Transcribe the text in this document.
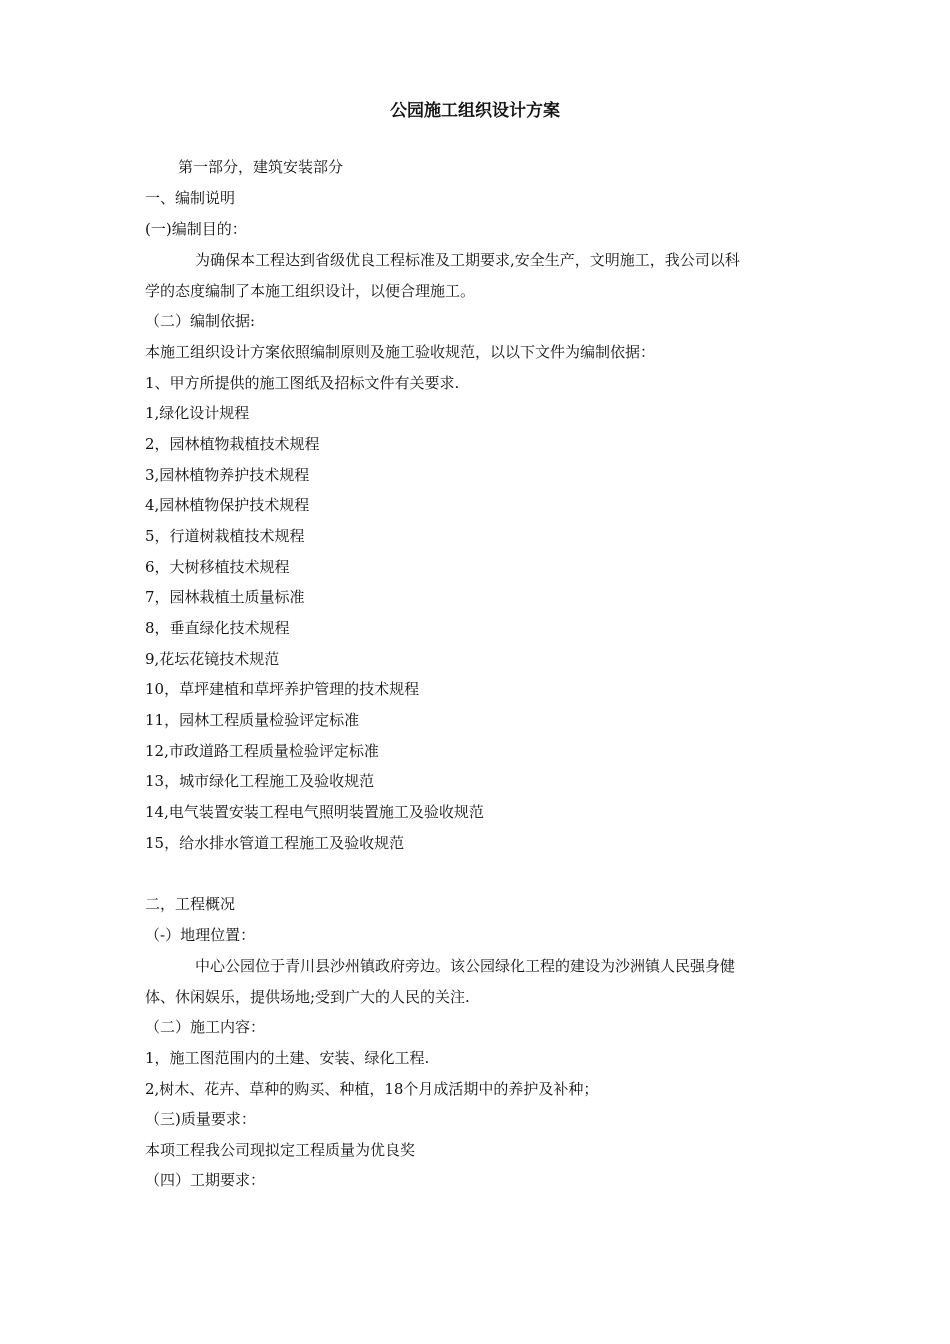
公园施工组织设计方案

第一部分，建筑安装部分

一、编制说明

(一)编制目的：

为确保本工程达到省级优良工程标准及工期要求,安全生产，文明施工，我公司以科

学的态度编制了本施工组织设计，以便合理施工。

（二）编制依据:

本施工组织设计方案依照编制原则及施工验收规范，以以下文件为编制依据：

1、甲方所提供的施工图纸及招标文件有关要求.

1,绿化设计规程

2，园林植物栽植技术规程

3,园林植物养护技术规程

4,园林植物保护技术规程

5，行道树栽植技术规程

6，大树移植技术规程

7，园林栽植土质量标准

8，垂直绿化技术规程

9,花坛花镜技术规范

10，草坪建植和草坪养护管理的技术规程

11，园林工程质量检验评定标准

12,市政道路工程质量检验评定标准

13，城市绿化工程施工及验收规范

14,电气装置安装工程电气照明装置施工及验收规范

15，给水排水管道工程施工及验收规范

二，工程概况

（-）地理位置：

中心公园位于青川县沙州镇政府旁边。该公园绿化工程的建设为沙洲镇人民强身健

体、休闲娱乐，提供场地;受到广大的人民的关注.

（二）施工内容：

1，施工图范围内的土建、安装、绿化工程.

2,树木、花卉、草种的购买、种植，18个月成活期中的养护及补种；

（三)质量要求：

本项工程我公司现拟定工程质量为优良奖

（四）工期要求：
